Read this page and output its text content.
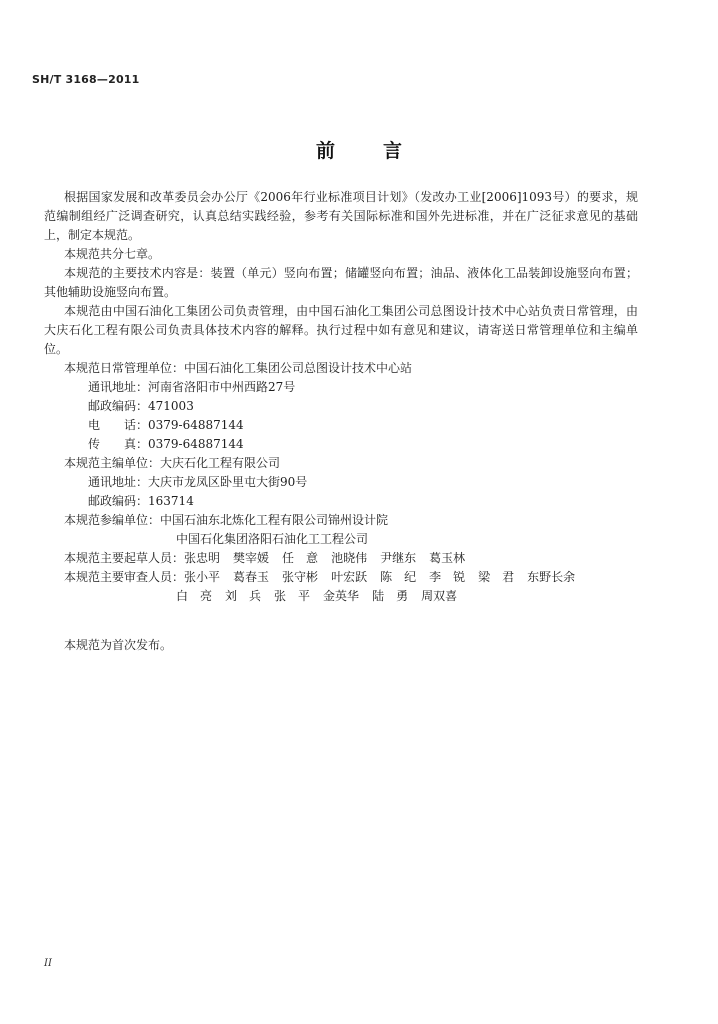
SH/T 3168—2011
前言

根据国家发展和改革委员会办公厅《2006年行业标准项目计划》（发改办工业[2006]1093号）的要求，规范编制组经广泛调查研究，认真总结实践经验，参考有关国际标准和国外先进标准，并在广泛征求意见的基础上，制定本规范。

本规范共分七章。

本规范的主要技术内容是：装置（单元）竖向布置；储罐竖向布置；油品、液体化工品装卸设施竖向布置；其他辅助设施竖向布置。

本规范由中国石油化工集团公司负责管理，由中国石油化工集团公司总图设计技术中心站负责日常管理，由大庆石化工程有限公司负责具体技术内容的解释。执行过程中如有意见和建议，请寄送日常管理单位和主编单位。

本规范日常管理单位： 中国石油化工集团公司总图设计技术中心站
通讯地址： 河南省洛阳市中州西路27号
邮政编码： 471003
电　　话： 0379-64887144
传　　真： 0379-64887144
本规范主编单位： 大庆石化工程有限公司
通讯地址： 大庆市龙凤区卧里屯大街90号
邮政编码： 163714
本规范参编单位： 中国石油东北炼化工程有限公司锦州设计院
中国石化集团洛阳石油化工工程公司
本规范主要起草人员： 张忠明 樊宰媛 任　意 池晓伟 尹继东 葛玉林
本规范主要审查人员： 张小平 葛春玉 张守彬 叶宏跃 陈　纪 李　锐 梁　君 东野长余
白　亮 刘　兵 张　平 金英华 陆　勇 周双喜

本规范为首次发布。

II
